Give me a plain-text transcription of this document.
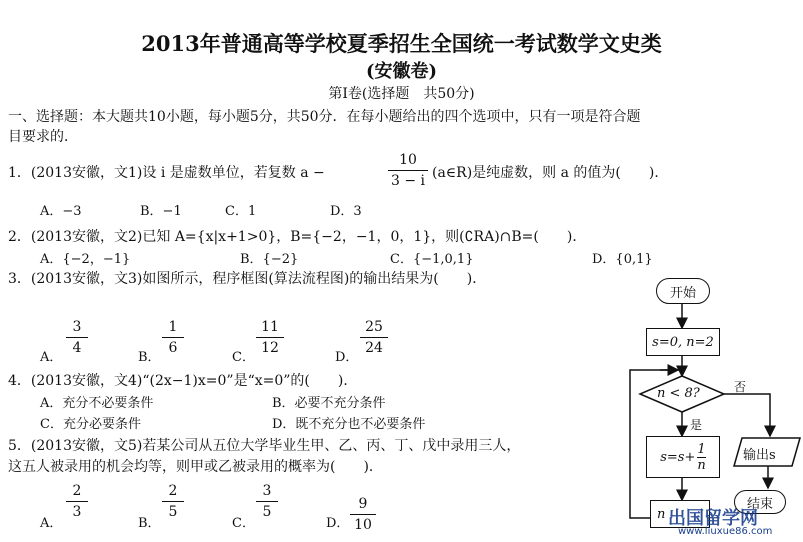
2013年普通高等学校夏季招生全国统一考试数学文史类
(安徽卷)
第Ⅰ卷(选择题　共50分)
一、选择题：本大题共10小题，每小题5分，共50分．在每小题给出的四个选项中，只有一项是符合题
目要求的．
1．(2013安徽，文1)设 i 是虚数单位，若复数 a −
10
3 − i (a∈R)是纯虚数，则 a 的值为(　　)．
A．−3	B．−1	C．1	D．3
2．(2013安徽，文2)已知 A={x|x+1>0}，B={−2，−1，0，1}，则(∁RA)∩B=(　　)．
A．{−2，−1}	B．{−2}	C．{−1,0,1}	D．{0,1}
3．(2013安徽，文3)如图所示，程序框图(算法流程图)的输出结果为(　　)．
A．
3
4
B．
1
6
C．
11
12
D．
25
24
4．(2013安徽，文4)“(2x−1)x=0”是“x=0”的(　　)．
A．充分不必要条件	B．必要不充分条件
C．充分必要条件	D．既不充分也不必要条件
5．(2013安徽，文5)若某公司从五位大学毕业生甲、乙、丙、丁、戊中录用三人，
这五人被录用的机会均等，则甲或乙被录用的概率为(　　)．
A．
2
3
B．
2
5
C．
3
5
D．
9
10
开始
s=0, n=2
n < 8?	否
是
$s=s+ \frac{1}{n}$	输出s
结束
n 出国留学网
www.liuxue86.com
